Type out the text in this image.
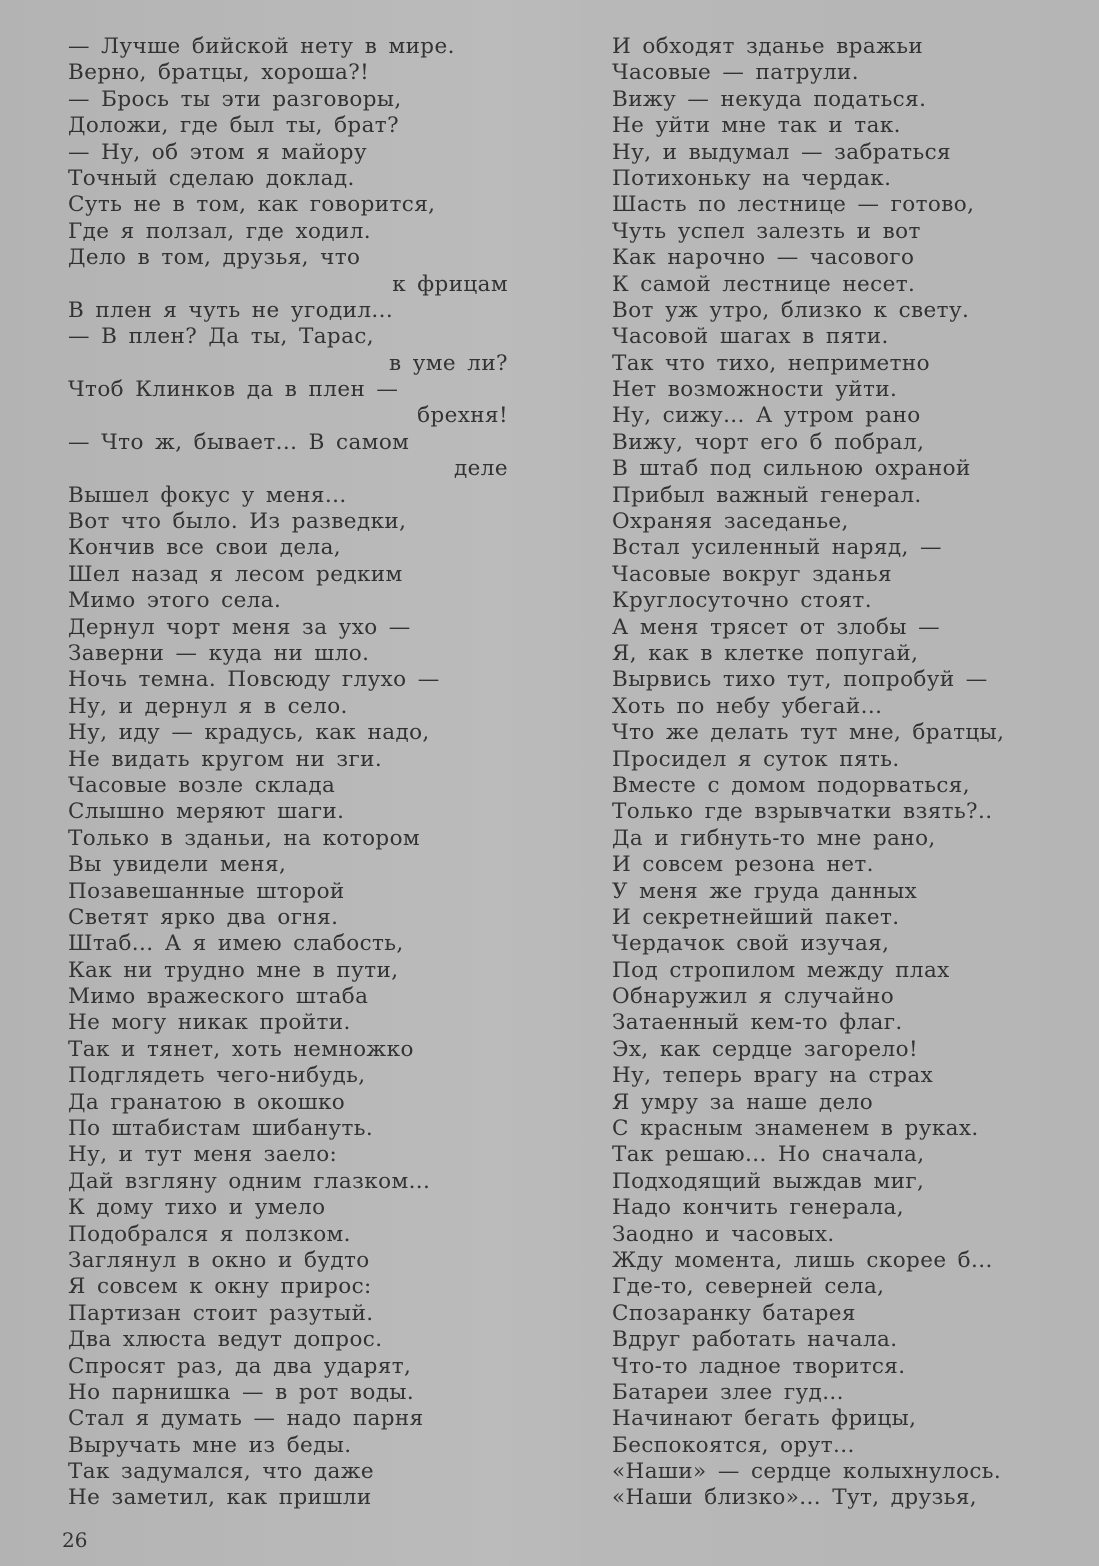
— Лучше бийской нету в мире.
Верно, братцы, хороша?!
— Брось ты эти разговоры,
Доложи, где был ты, брат?
— Ну, об этом я майору
Точный сделаю доклад.
Суть не в том, как говорится,
Где я ползал, где ходил.
Дело в том, друзья, что
к фрицам
В плен я чуть не угодил...
— В плен? Да ты, Тарас,
в уме ли?
Чтоб Клинков да в плен —
брехня!
— Что ж, бывает... В самом
деле
Вышел фокус у меня...
Вот что было. Из разведки,
Кончив все свои дела,
Шел назад я лесом редким
Мимо этого села.
Дернул чорт меня за ухо —
Заверни — куда ни шло.
Ночь темна. Повсюду глухо —
Ну, и дернул я в село.
Ну, иду — крадусь, как надо,
Не видать кругом ни зги.
Часовые возле склада
Слышно меряют шаги.
Только в зданьи, на котором
Вы увидели меня,
Позавешанные шторой
Светят ярко два огня.
Штаб... А я имею слабость,
Как ни трудно мне в пути,
Мимо вражеского штаба
Не могу никак пройти.
Так и тянет, хоть немножко
Подглядеть чего-нибудь,
Да гранатою в окошко
По штабистам шибануть.
Ну, и тут меня заело:
Дай взгляну одним глазком...
К дому тихо и умело
Подобрался я ползком.
Заглянул в окно и будто
Я совсем к окну прирос:
Партизан стоит разутый.
Два хлюста ведут допрос.
Спросят раз, да два ударят,
Но парнишка — в рот воды.
Стал я думать — надо парня
Выручать мне из беды.
Так задумался, что даже
Не заметил, как пришли
И обходят зданье вражьи
Часовые — патрули.
Вижу — некуда податься.
Не уйти мне так и так.
Ну, и выдумал — забраться
Потихоньку на чердак.
Шасть по лестнице — готово,
Чуть успел залезть и вот
Как нарочно — часового
К самой лестнице несет.
Вот уж утро, близко к свету.
Часовой шагах в пяти.
Так что тихо, неприметно
Нет возможности уйти.
Ну, сижу... А утром рано
Вижу, чорт его б побрал,
В штаб под сильною охраной
Прибыл важный генерал.
Охраняя заседанье,
Встал усиленный наряд, —
Часовые вокруг зданья
Круглосуточно стоят.
А меня трясет от злобы —
Я, как в клетке попугай,
Вырвись тихо тут, попробуй —
Хоть по небу убегай...
Что же делать тут мне, братцы,
Просидел я суток пять.
Вместе с домом подорваться,
Только где взрывчатки взять?..
Да и гибнуть-то мне рано,
И совсем резона нет.
У меня же груда данных
И секретнейший пакет.
Чердачок свой изучая,
Под стропилом между плах
Обнаружил я случайно
Затаенный кем-то флаг.
Эх, как сердце загорело!
Ну, теперь врагу на страх
Я умру за наше дело
С красным знаменем в руках.
Так решаю... Но сначала,
Подходящий выждав миг,
Надо кончить генерала,
Заодно и часовых.
Жду момента, лишь скорее б...
Где-то, северней села,
Спозаранку батарея
Вдруг работать начала.
Что-то ладное творится.
Батареи злее гуд...
Начинают бегать фрицы,
Беспокоятся, орут...
«Наши» — сердце колыхнулось.
«Наши близко»... Тут, друзья,
26
